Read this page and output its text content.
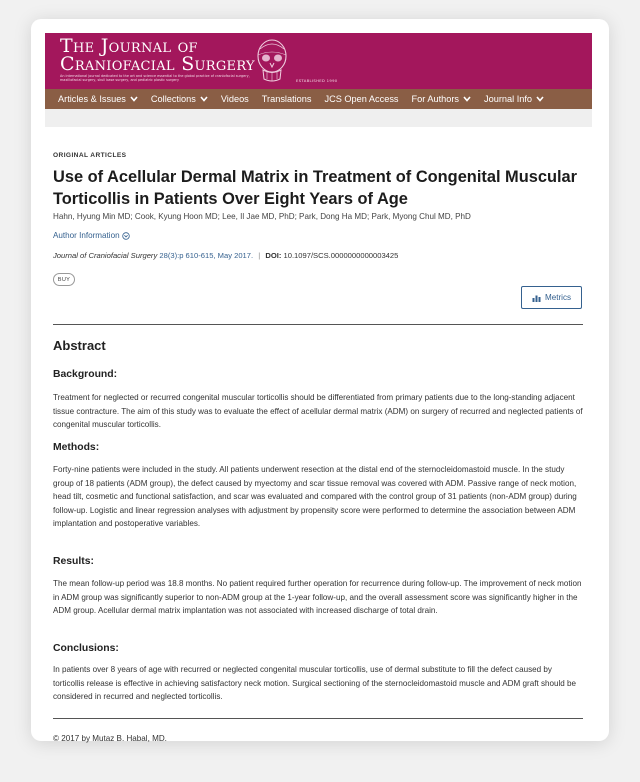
The Journal of
Craniofacial Surgery
An international journal dedicated to the art and science essential to the global practice of craniofacial surgery, maxillofacial surgery, skull base surgery, and pediatric plastic surgery	ESTABLISHED 1990
Articles & Issues	Collections	Videos Translations JCS Open Access For Authors	Journal Info
ORIGINAL ARTICLES
Use of Acellular Dermal Matrix in Treatment of Congenital Muscular Torticollis in Patients Over Eight Years of Age
Hahn, Hyung Min MD; Cook, Kyung Hoon MD; Lee, Il Jae MD, PhD; Park, Dong Ha MD; Park, Myong Chul MD, PhD
Author Information
Journal of Craniofacial Surgery 28(3):p 610-615, May 2017. | DOI: 10.1097/SCS.0000000000003425
BUY
Metrics
Abstract
Background:

Treatment for neglected or recurred congenital muscular torticollis should be differentiated from primary patients due to the long-standing adjacent tissue contracture. The aim of this study was to evaluate the effect of acellular dermal matrix (ADM) on surgery of recurred and neglected patients of congenital muscular torticollis.

Methods:

Forty-nine patients were included in the study. All patients underwent resection at the distal end of the sternocleidomastoid muscle. In the study group of 18 patients (ADM group), the defect caused by myectomy and scar tissue removal was covered with ADM. Passive range of neck motion, head tilt, cosmetic and functional satisfaction, and scar was evaluated and compared with the control group of 31 patients (non-ADM group) during follow-up. Logistic and linear regression analyses with adjustment by propensity score were performed to determine the association between ADM implantation and postoperative variables.

Results:

The mean follow-up period was 18.8 months. No patient required further operation for recurrence during follow-up. The improvement of neck motion in ADM group was significantly superior to non-ADM group at the 1-year follow-up, and the overall assessment score was significantly higher in the ADM group. Acellular dermal matrix implantation was not associated with increased discharge of total drain.

Conclusions:

In patients over 8 years of age with recurred or neglected congenital muscular torticollis, use of dermal substitute to fill the defect caused by torticollis release is effective in achieving satisfactory neck motion. Surgical sectioning of the sternocleidomastoid muscle and ADM graft should be considered in recurred and neglected torticollis.

© 2017 by Mutaz B. Habal, MD.
